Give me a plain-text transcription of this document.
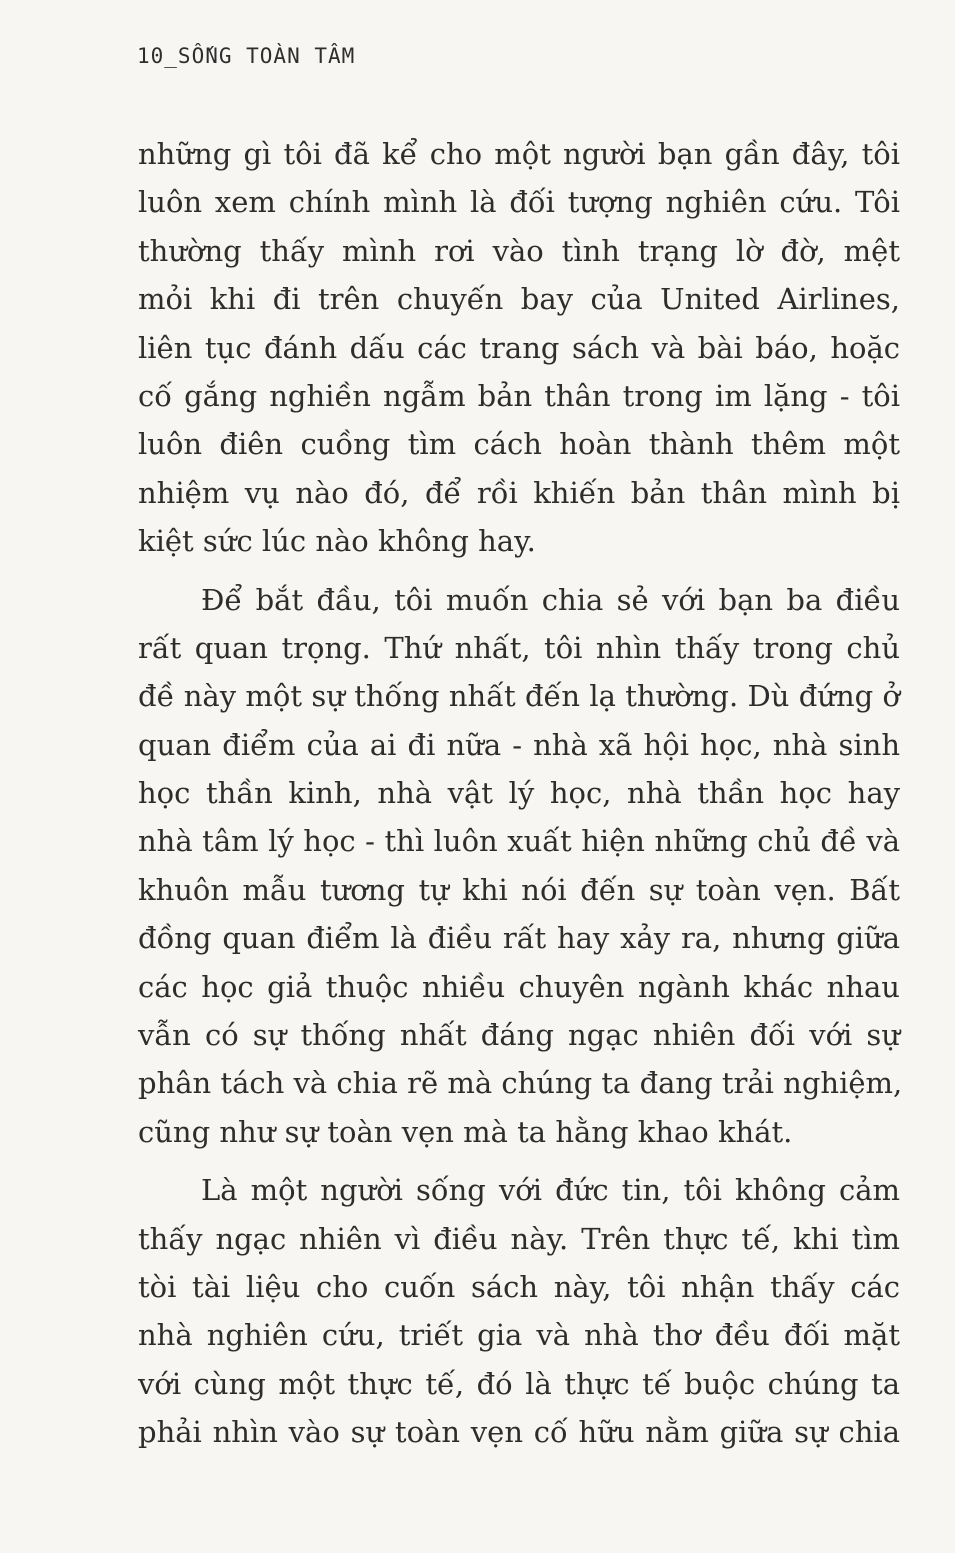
10_SỐNG TOÀN TÂM
những gì tôi đã kể cho một người bạn gần đây, tôi
luôn xem chính mình là đối tượng nghiên cứu. Tôi
thường thấy mình rơi vào tình trạng lờ đờ, mệt
mỏi khi đi trên chuyến bay của United Airlines,
liên tục đánh dấu các trang sách và bài báo, hoặc
cố gắng nghiền ngẫm bản thân trong im lặng - tôi
luôn điên cuồng tìm cách hoàn thành thêm một
nhiệm vụ nào đó, để rồi khiến bản thân mình bị
kiệt sức lúc nào không hay.
Để bắt đầu, tôi muốn chia sẻ với bạn ba điều
rất quan trọng. Thứ nhất, tôi nhìn thấy trong chủ
đề này một sự thống nhất đến lạ thường. Dù đứng ở
quan điểm của ai đi nữa - nhà xã hội học, nhà sinh
học thần kinh, nhà vật lý học, nhà thần học hay
nhà tâm lý học - thì luôn xuất hiện những chủ đề và
khuôn mẫu tương tự khi nói đến sự toàn vẹn. Bất
đồng quan điểm là điều rất hay xảy ra, nhưng giữa
các học giả thuộc nhiều chuyên ngành khác nhau
vẫn có sự thống nhất đáng ngạc nhiên đối với sự
phân tách và chia rẽ mà chúng ta đang trải nghiệm,
cũng như sự toàn vẹn mà ta hằng khao khát.
Là một người sống với đức tin, tôi không cảm
thấy ngạc nhiên vì điều này. Trên thực tế, khi tìm
tòi tài liệu cho cuốn sách này, tôi nhận thấy các
nhà nghiên cứu, triết gia và nhà thơ đều đối mặt
với cùng một thực tế, đó là thực tế buộc chúng ta
phải nhìn vào sự toàn vẹn cố hữu nằm giữa sự chia
